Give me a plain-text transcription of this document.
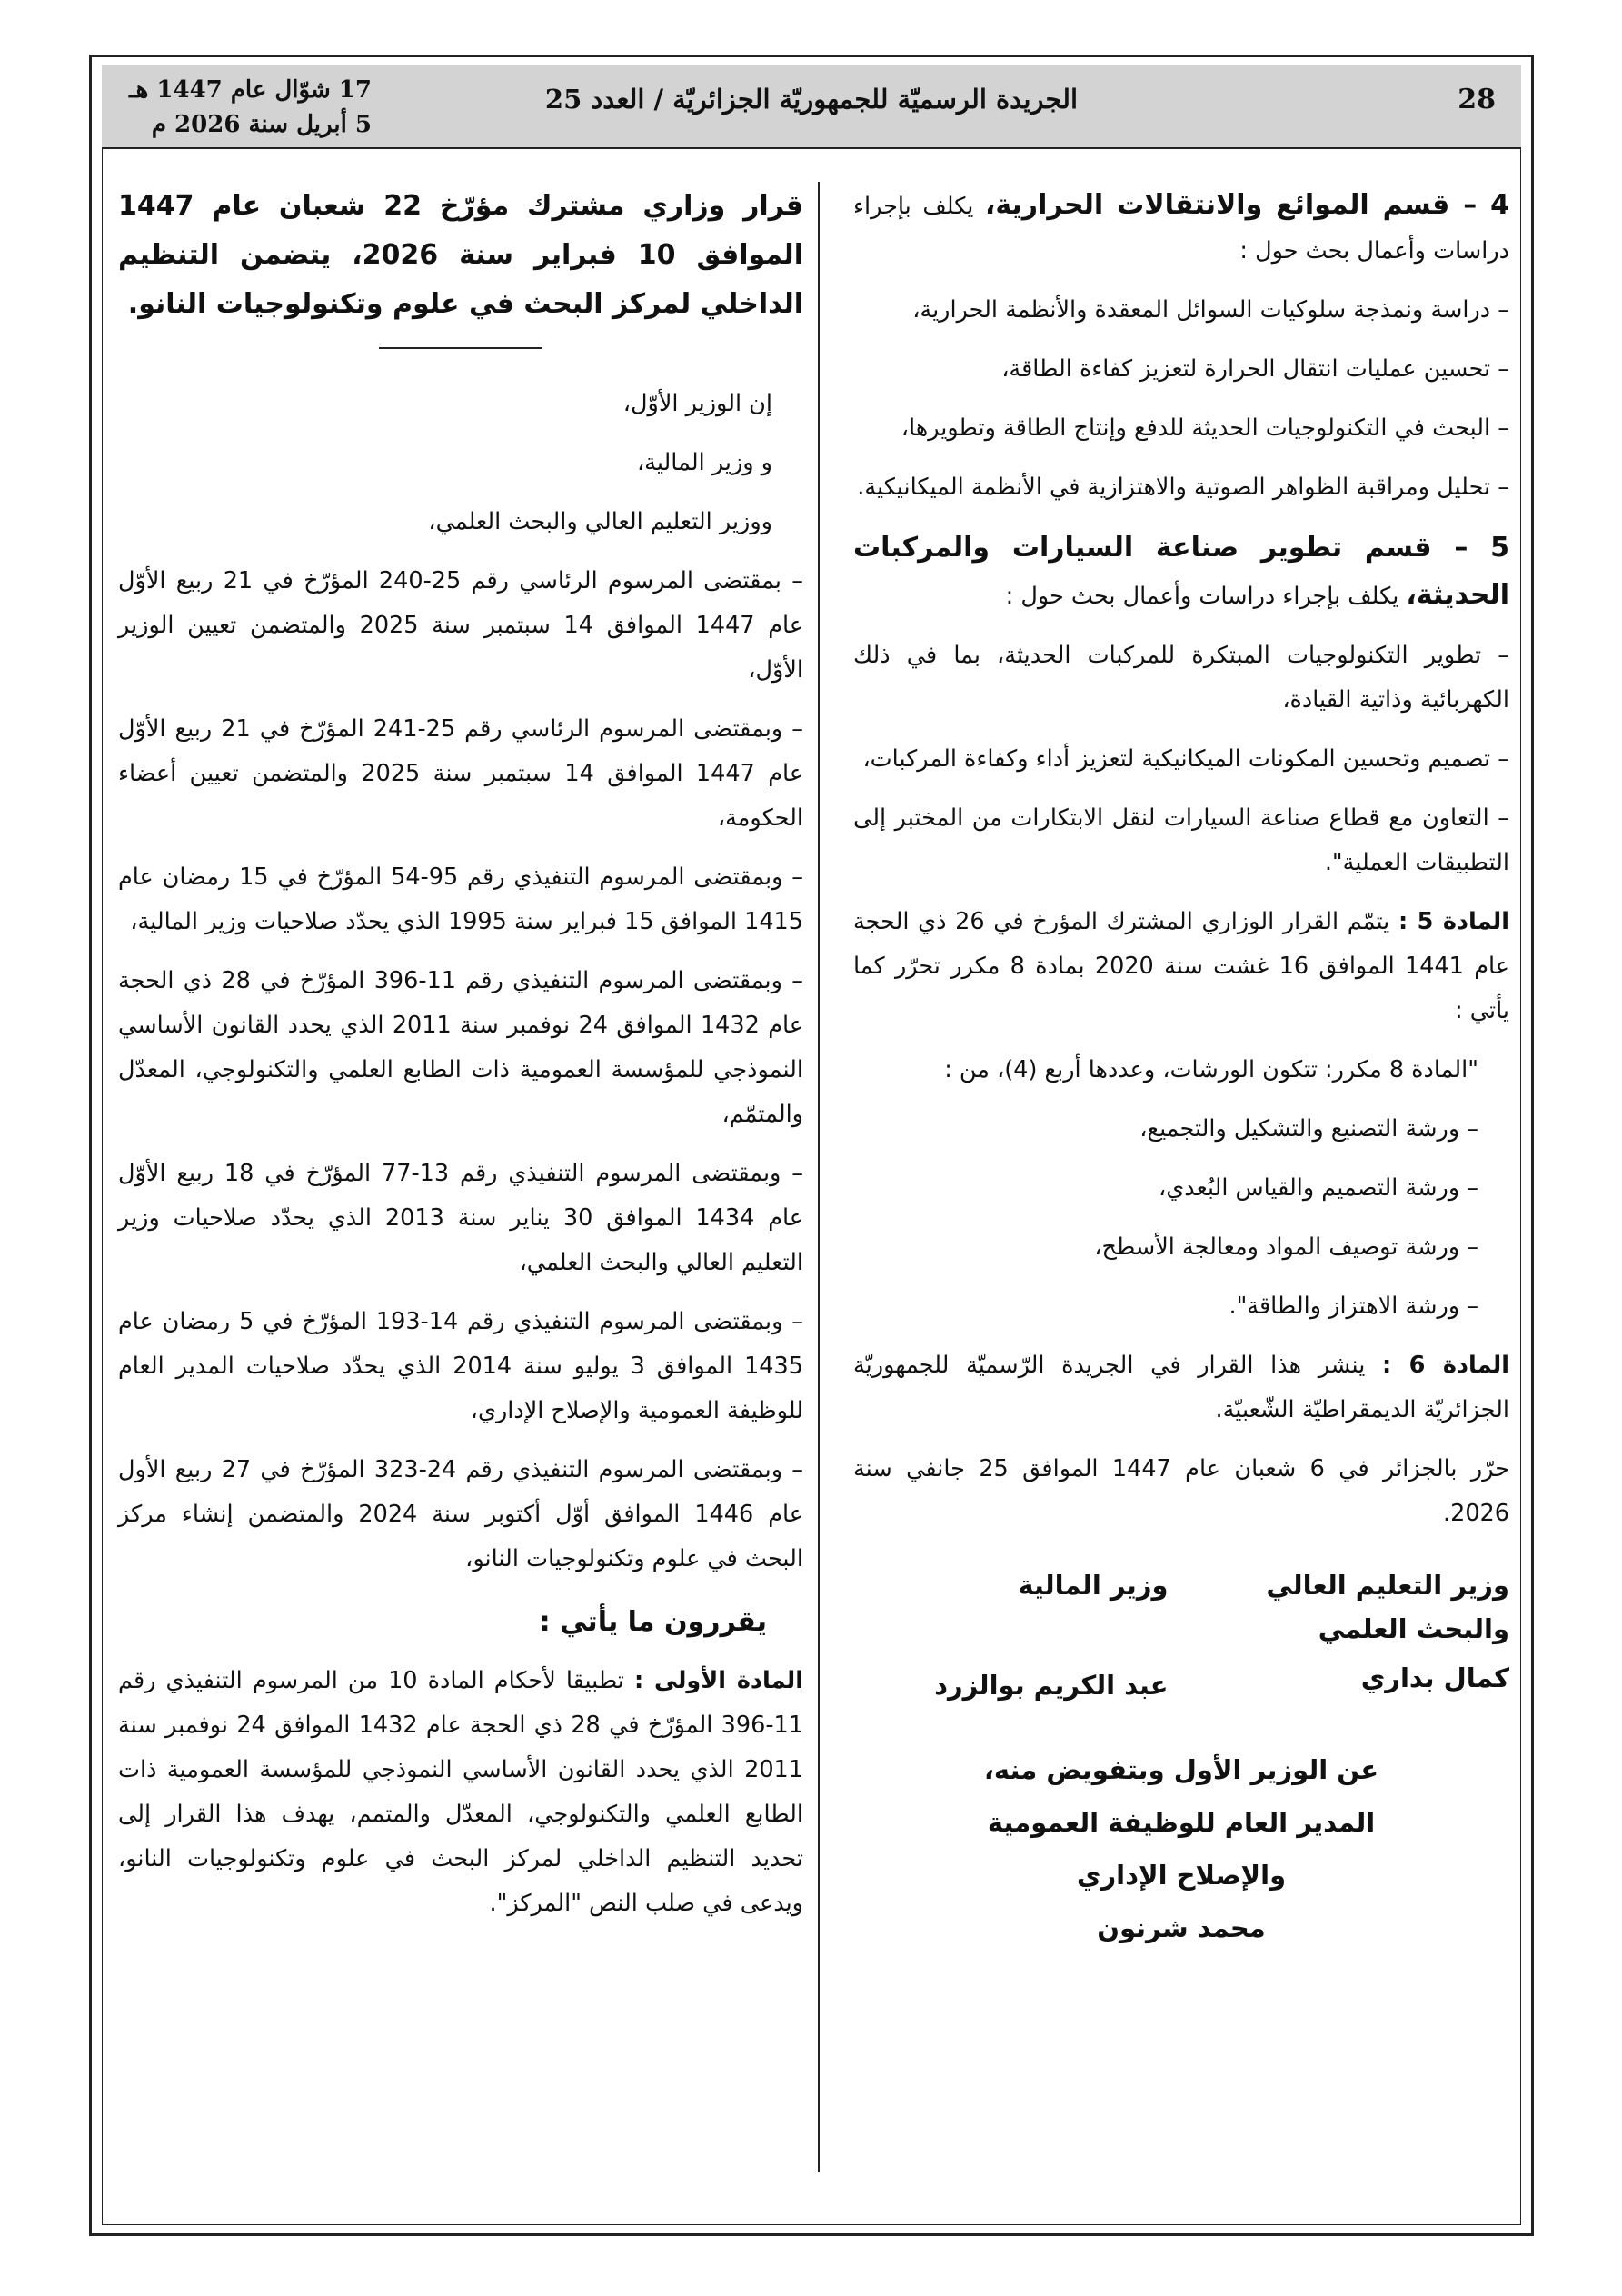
28
الجريدة الرسميّة للجمهوريّة الجزائريّة / العدد 25
17 شوّال عام 1447 هـ
5 أبريل سنة 2026 م

4 – قسم الموائع والانتقالات الحرارية، يكلف بإجراء دراسات وأعمال بحث حول :

– دراسة ونمذجة سلوكيات السوائل المعقدة والأنظمة الحرارية،

– تحسين عمليات انتقال الحرارة لتعزيز كفاءة الطاقة،

– البحث في التكنولوجيات الحديثة للدفع وإنتاج الطاقة وتطويرها،

– تحليل ومراقبة الظواهر الصوتية والاهتزازية في الأنظمة الميكانيكية.

5 – قسم تطوير صناعة السيارات والمركبات الحديثة، يكلف بإجراء دراسات وأعمال بحث حول :

– تطوير التكنولوجيات المبتكرة للمركبات الحديثة، بما في ذلك الكهربائية وذاتية القيادة،

– تصميم وتحسين المكونات الميكانيكية لتعزيز أداء وكفاءة المركبات،

– التعاون مع قطاع صناعة السيارات لنقل الابتكارات من المختبر إلى التطبيقات العملية".

المادة 5 : يتمّم القرار الوزاري المشترك المؤرخ في 26 ذي الحجة عام 1441 الموافق 16 غشت سنة 2020 بمادة 8 مكرر تحرّر كما يأتي :

"المادة 8 مكرر: تتكون الورشات، وعددها أربع (4)، من :

– ورشة التصنيع والتشكيل والتجميع،

– ورشة التصميم والقياس البُعدي،

– ورشة توصيف المواد ومعالجة الأسطح،

– ورشة الاهتزاز والطاقة".

المادة 6 : ينشر هذا القرار في الجريدة الرّسميّة للجمهوريّة الجزائريّة الديمقراطيّة الشّعبيّة.

حرّر بالجزائر في 6 شعبان عام 1447 الموافق 25 جانفي سنة 2026.

وزير التعليم العالي والبحث العلمي
كمال بداري
وزير المالية
عبد الكريم بوالزرد

عن الوزير الأول وبتفويض منه،

المدير العام للوظيفة العمومية

والإصلاح الإداري

محمد شرنون

قرار وزاري مشترك مؤرّخ 22 شعبان عام 1447 الموافق 10 فبراير سنة 2026، يتضمن التنظيم الداخلي لمركز البحث في علوم وتكنولوجيات النانو.

إن الوزير الأوّل،

و وزير المالية،

ووزير التعليم العالي والبحث العلمي،

– بمقتضى المرسوم الرئاسي رقم 25-240 المؤرّخ في 21 ربيع الأوّل عام 1447 الموافق 14 سبتمبر سنة 2025 والمتضمن تعيين الوزير الأوّل،

– وبمقتضى المرسوم الرئاسي رقم 25-241 المؤرّخ في 21 ربيع الأوّل عام 1447 الموافق 14 سبتمبر سنة 2025 والمتضمن تعيين أعضاء الحكومة،

– وبمقتضى المرسوم التنفيذي رقم 95-54 المؤرّخ في 15 رمضان عام 1415 الموافق 15 فبراير سنة 1995 الذي يحدّد صلاحيات وزير المالية،

– وبمقتضى المرسوم التنفيذي رقم 11-396 المؤرّخ في 28 ذي الحجة عام 1432 الموافق 24 نوفمبر سنة 2011 الذي يحدد القانون الأساسي النموذجي للمؤسسة العمومية ذات الطابع العلمي والتكنولوجي، المعدّل والمتمّم،

– وبمقتضى المرسوم التنفيذي رقم 13-77 المؤرّخ في 18 ربيع الأوّل عام 1434 الموافق 30 يناير سنة 2013 الذي يحدّد صلاحيات وزير التعليم العالي والبحث العلمي،

– وبمقتضى المرسوم التنفيذي رقم 14-193 المؤرّخ في 5 رمضان عام 1435 الموافق 3 يوليو سنة 2014 الذي يحدّد صلاحيات المدير العام للوظيفة العمومية والإصلاح الإداري،

– وبمقتضى المرسوم التنفيذي رقم 24-323 المؤرّخ في 27 ربيع الأول عام 1446 الموافق أوّل أكتوبر سنة 2024 والمتضمن إنشاء مركز البحث في علوم وتكنولوجيات النانو،

يقررون ما يأتي :

المادة الأولى : تطبيقا لأحكام المادة 10 من المرسوم التنفيذي رقم 11-396 المؤرّخ في 28 ذي الحجة عام 1432 الموافق 24 نوفمبر سنة 2011 الذي يحدد القانون الأساسي النموذجي للمؤسسة العمومية ذات الطابع العلمي والتكنولوجي، المعدّل والمتمم، يهدف هذا القرار إلى تحديد التنظيم الداخلي لمركز البحث في علوم وتكنولوجيات النانو، ويدعى في صلب النص "المركز".
